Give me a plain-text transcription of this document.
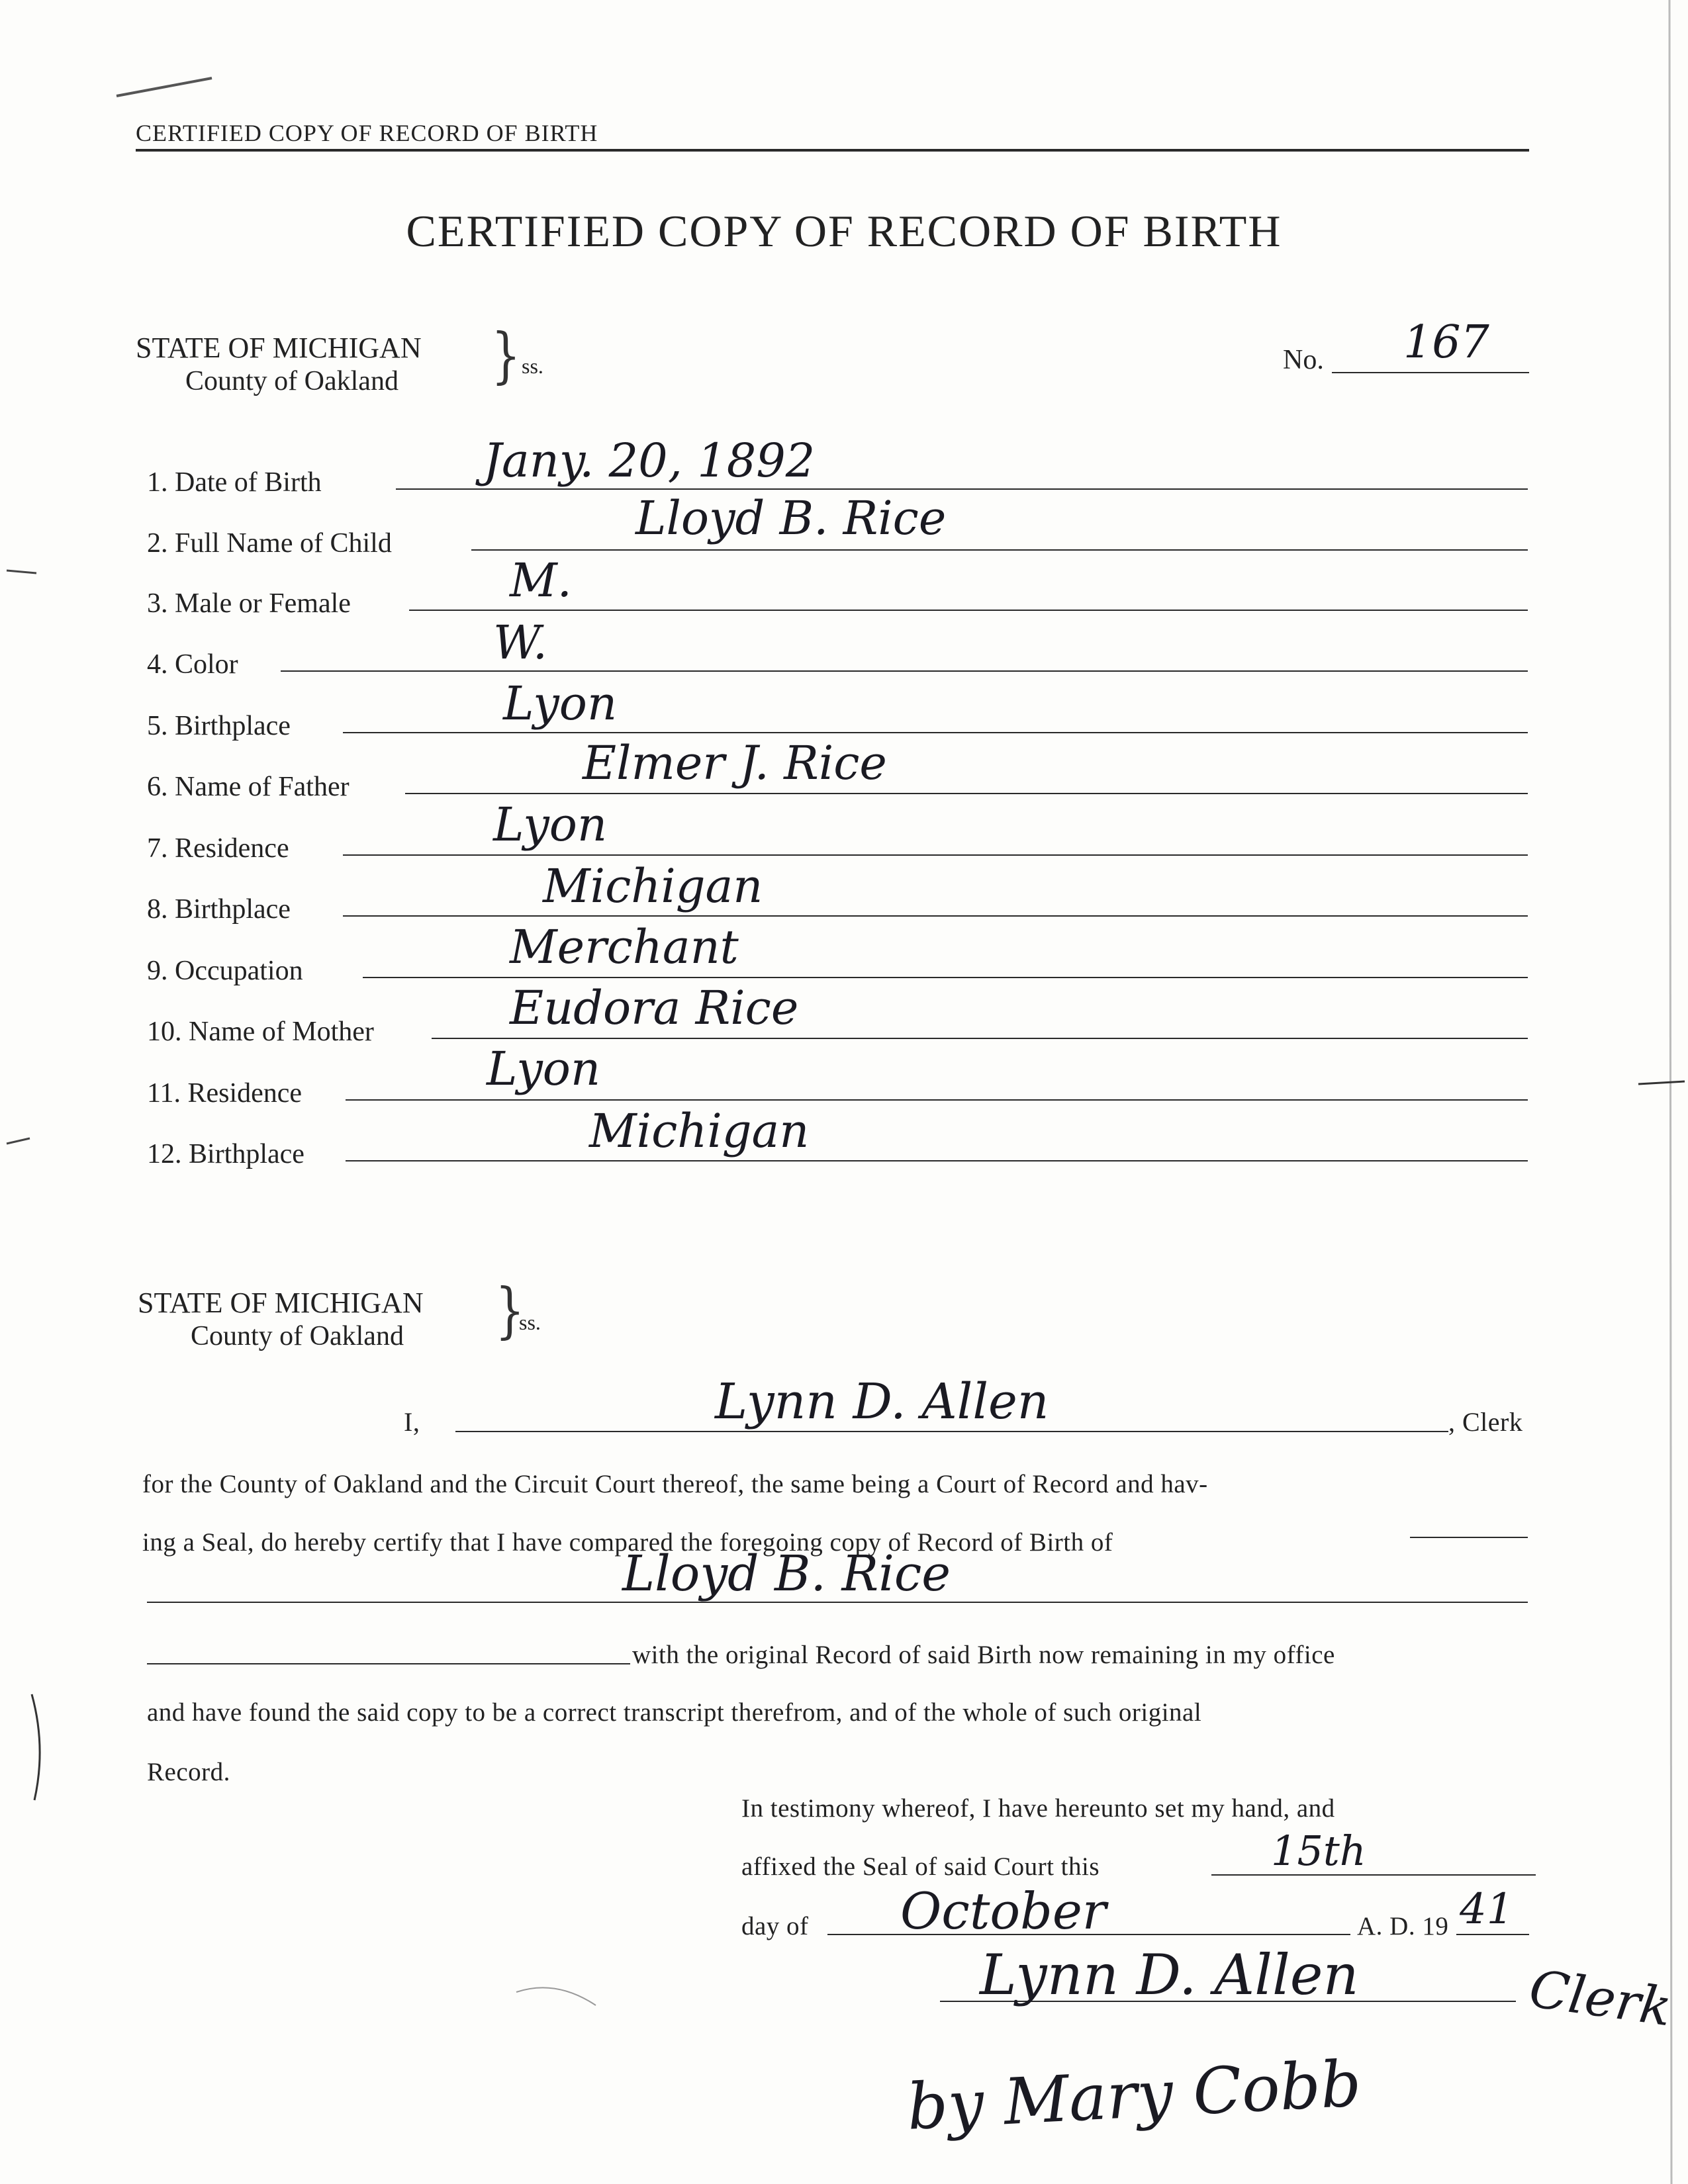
CERTIFIED COPY OF RECORD OF BIRTH
CERTIFIED COPY OF RECORD OF BIRTH
STATE OF MICHIGAN
County of Oakland } ss.	No. 167
1. Date of Birth	Jany. 20, 1892
2. Full Name of Child	Lloyd B. Rice
3. Male or Female	M.
4. Color	W.
5. Birthplace	Lyon
6. Name of Father	Elmer J. Rice
7. Residence	Lyon
8. Birthplace	Michigan
9. Occupation	Merchant
10. Name of Mother	Eudora Rice
11. Residence	Lyon
12. Birthplace	Michigan
STATE OF MICHIGAN
County of Oakland }
ss.
I,	Lynn D. Allen	, Clerk
for the County of Oakland and the Circuit Court thereof, the same being a Court of Record and hav-
ing a Seal, do hereby certify that I have compared the foregoing copy of Record of Birth of
Lloyd B. Rice
with the original Record of said Birth now remaining in my office
and have found the said copy to be a correct transcript therefrom, and of the whole of such original
Record.
In testimony whereof, I have hereunto set my hand, and
affixed the Seal of said Court this	15th
day of October	A. D. 19 41
Lynn D. Allen	Clerk
by Mary Cobb
